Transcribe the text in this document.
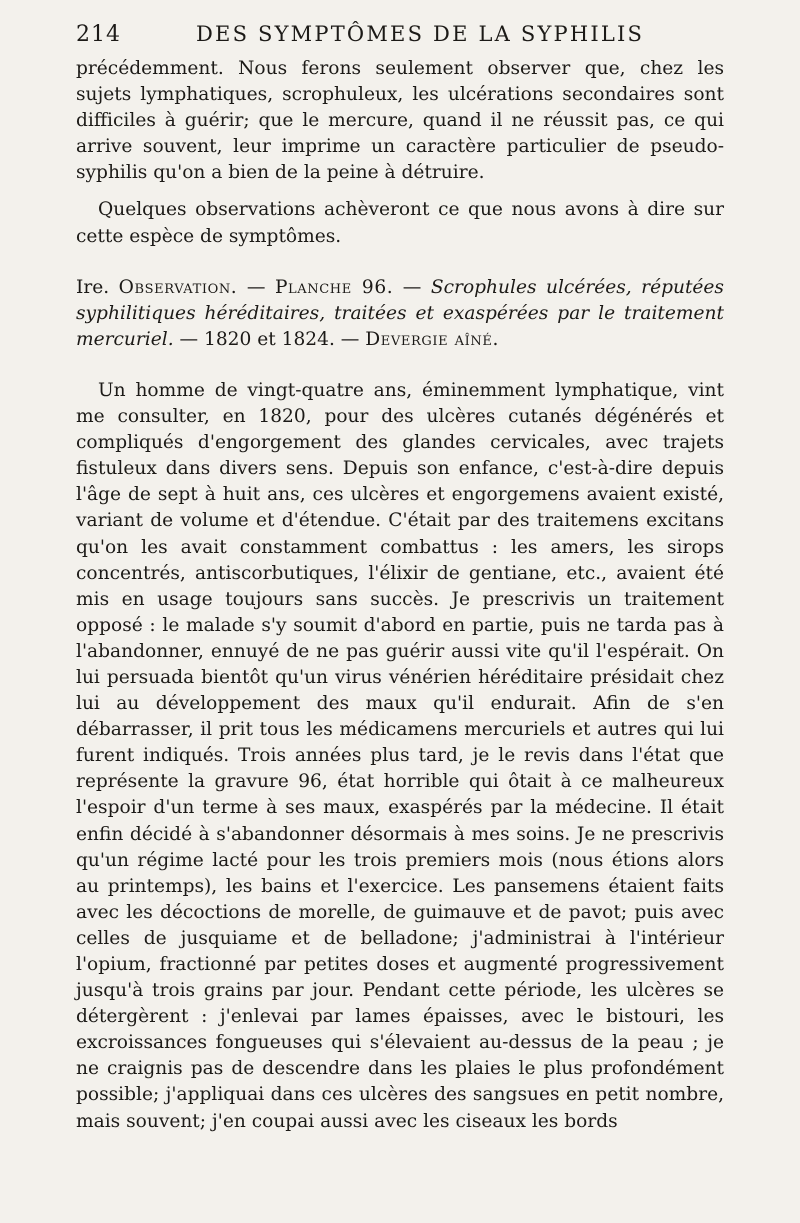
214	DES SYMPTÔMES DE LA SYPHILIS

précédemment. Nous ferons seulement observer que, chez les sujets lymphatiques, scrophuleux, les ulcérations secondaires sont difficiles à guérir; que le mercure, quand il ne réussit pas, ce qui arrive souvent, leur imprime un caractère particulier de pseudo-syphilis qu'on a bien de la peine à détruire.

Quelques observations achèveront ce que nous avons à dire sur cette espèce de symptômes.

Ire. Observation. — Planche 96. — Scrophules ulcérées, réputées syphilitiques héréditaires, traitées et exaspérées par le traitement mercuriel. — 1820 et 1824. — Devergie aîné.

Un homme de vingt-quatre ans, éminemment lymphatique, vint me consulter, en 1820, pour des ulcères cutanés dégénérés et compliqués d'engorgement des glandes cervicales, avec trajets fistuleux dans divers sens. Depuis son enfance, c'est-à-dire depuis l'âge de sept à huit ans, ces ulcères et engorgemens avaient existé, variant de volume et d'étendue. C'était par des traitemens excitans qu'on les avait constamment combattus : les amers, les sirops concentrés, antiscorbutiques, l'élixir de gentiane, etc., avaient été mis en usage toujours sans succès. Je prescrivis un traitement opposé : le malade s'y soumit d'abord en partie, puis ne tarda pas à l'abandonner, ennuyé de ne pas guérir aussi vite qu'il l'espérait. On lui persuada bientôt qu'un virus vénérien héréditaire présidait chez lui au développement des maux qu'il endurait. Afin de s'en débarrasser, il prit tous les médicamens mercuriels et autres qui lui furent indiqués. Trois années plus tard, je le revis dans l'état que représente la gravure 96, état horrible qui ôtait à ce malheureux l'espoir d'un terme à ses maux, exaspérés par la médecine. Il était enfin décidé à s'abandonner désormais à mes soins. Je ne prescrivis qu'un régime lacté pour les trois premiers mois (nous étions alors au printemps), les bains et l'exercice. Les pansemens étaient faits avec les décoctions de morelle, de guimauve et de pavot; puis avec celles de jusquiame et de belladone; j'administrai à l'intérieur l'opium, fractionné par petites doses et augmenté progressivement jusqu'à trois grains par jour. Pendant cette période, les ulcères se détergèrent : j'enlevai par lames épaisses, avec le bistouri, les excroissances fongueuses qui s'élevaient au-dessus de la peau ; je ne craignis pas de descendre dans les plaies le plus profondément possible; j'appliquai dans ces ulcères des sangsues en petit nombre, mais souvent; j'en coupai aussi avec les ciseaux les bords
